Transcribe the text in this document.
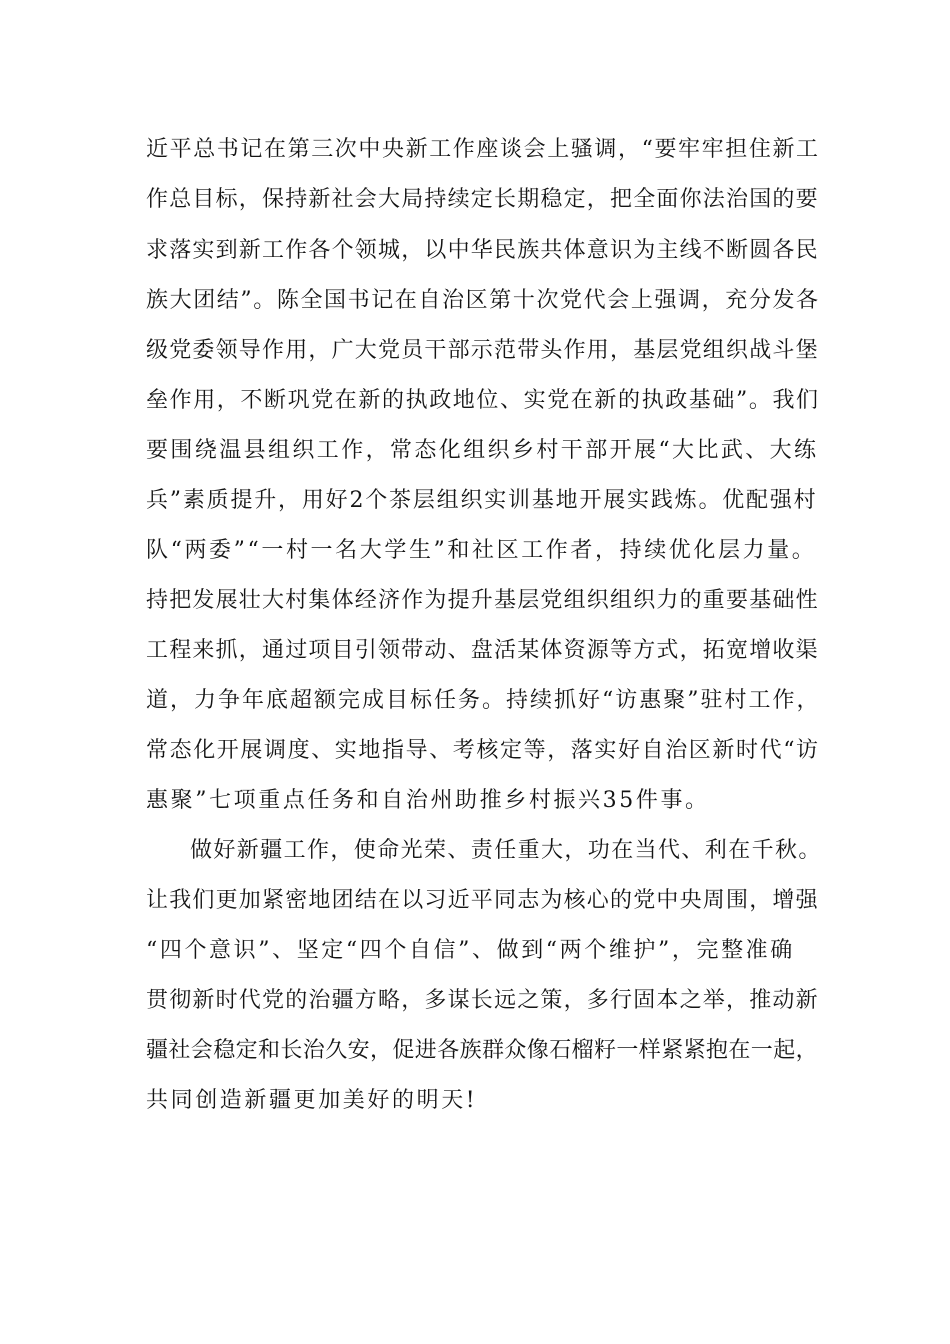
近平总书记在第三次中央新工作座谈会上骚调，“要牢牢担住新工
作总目标，保持新社会大局持续定长期稳定，把全面你法治国的要
求落实到新工作各个领城，以中华民族共体意识为主线不断圆各民
族大团结”。陈全国书记在自治区第十次党代会上强调，充分发各
级党委领导作用，广大党员干部示范带头作用，基层党组织战斗堡
垒作用，不断巩党在新的执政地位、实党在新的执政基础”。我们
要围绕温县组织工作，常态化组织乡村干部开展“大比武、大练
兵”素质提升，用好2个茶层组织实训基地开展实践炼。优配强村
队“两委”“一村一名大学生”和社区工作者，持续优化层力量。
持把发展壮大村集体经济作为提升基层党组织组织力的重要基础性
工程来抓，通过项目引领带动、盘活某体资源等方式，拓宽增收渠
道，力争年底超额完成目标任务。持续抓好“访惠聚”驻村工作，
常态化开展调度、实地指导、考核定等，落实好自治区新时代“访
惠聚”七项重点任务和自治州助推乡村振兴35件事。
做好新疆工作，使命光荣、责任重大，功在当代、利在千秋。
让我们更加紧密地团结在以习近平同志为核心的党中央周围，增强
“四个意识”、坚定“四个自信”、做到“两个维护”，完整准确
贯彻新时代党的治疆方略，多谋长远之策，多行固本之举，推动新
疆社会稳定和长治久安，促进各族群众像石榴籽一样紧紧抱在一起，
共同创造新疆更加美好的明天!
